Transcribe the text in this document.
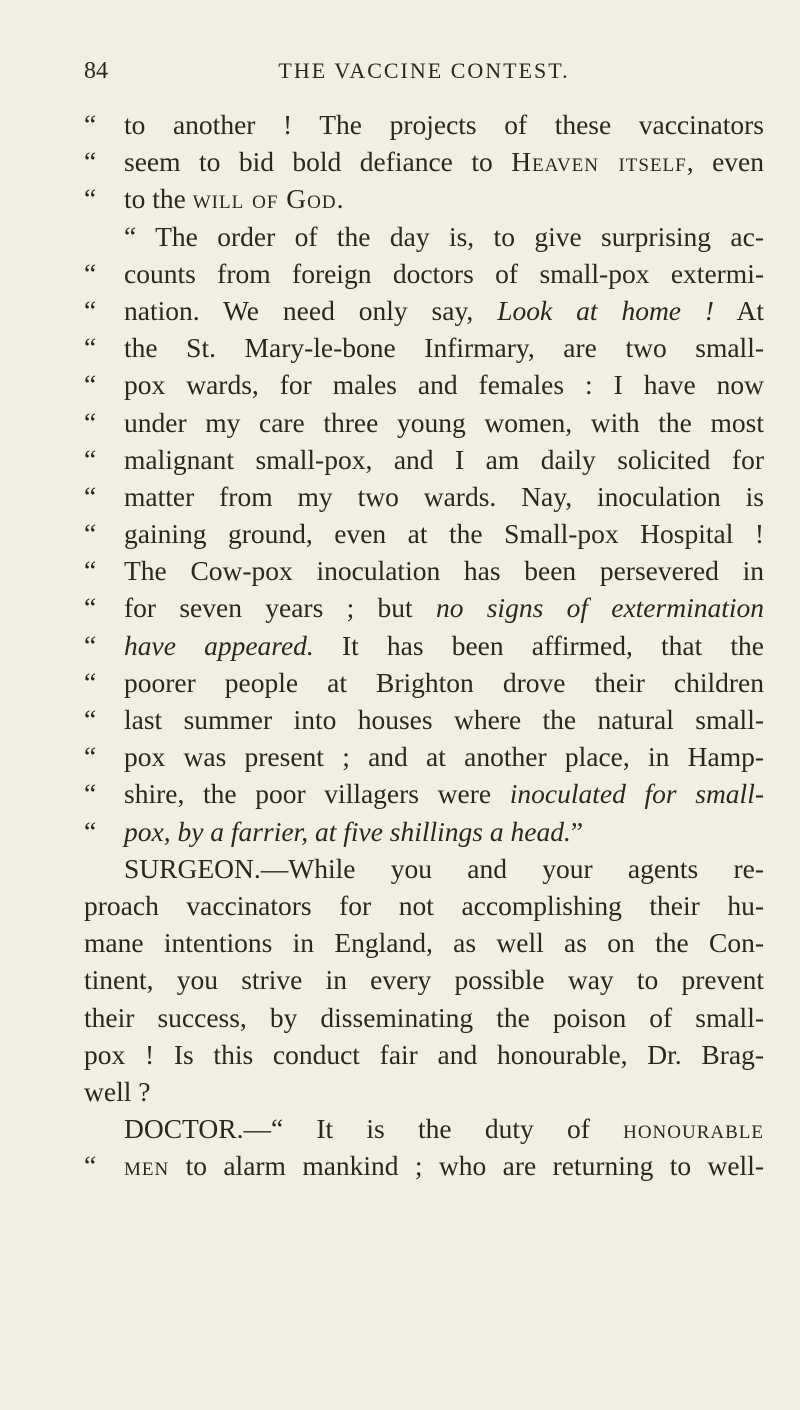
84	THE VACCINE CONTEST.
“	to another ! The projects of these vaccinators
“	seem to bid bold defiance to Heaven itself, even
“	to the will of God.
“ The order of the day is, to give surprising ac-
“	counts from foreign doctors of small-pox extermi-
“	nation. We need only say, Look at home ! At
“	the St. Mary-le-bone Infirmary, are two small-
“	pox wards, for males and females : I have now
“	under my care three young women, with the most
“	malignant small-pox, and I am daily solicited for
“	matter from my two wards. Nay, inoculation is
“	gaining ground, even at the Small-pox Hospital !
“	The Cow-pox inoculation has been persevered in
“	for seven years ; but no signs of extermination
“	have appeared. It has been affirmed, that the
“	poorer people at Brighton drove their children
“	last summer into houses where the natural small-
“	pox was present ; and at another place, in Hamp-
“	shire, the poor villagers were inoculated for small-
“	pox, by a farrier, at five shillings a head.”
SURGEON.—While you and your agents re-
proach vaccinators for not accomplishing their hu-
mane intentions in England, as well as on the Con-
tinent, you strive in every possible way to prevent
their success, by disseminating the poison of small-
pox ! Is this conduct fair and honourable, Dr. Brag-
well ?
DOCTOR.—“ It is the duty of honourable
“	men to alarm mankind ; who are returning to well-
